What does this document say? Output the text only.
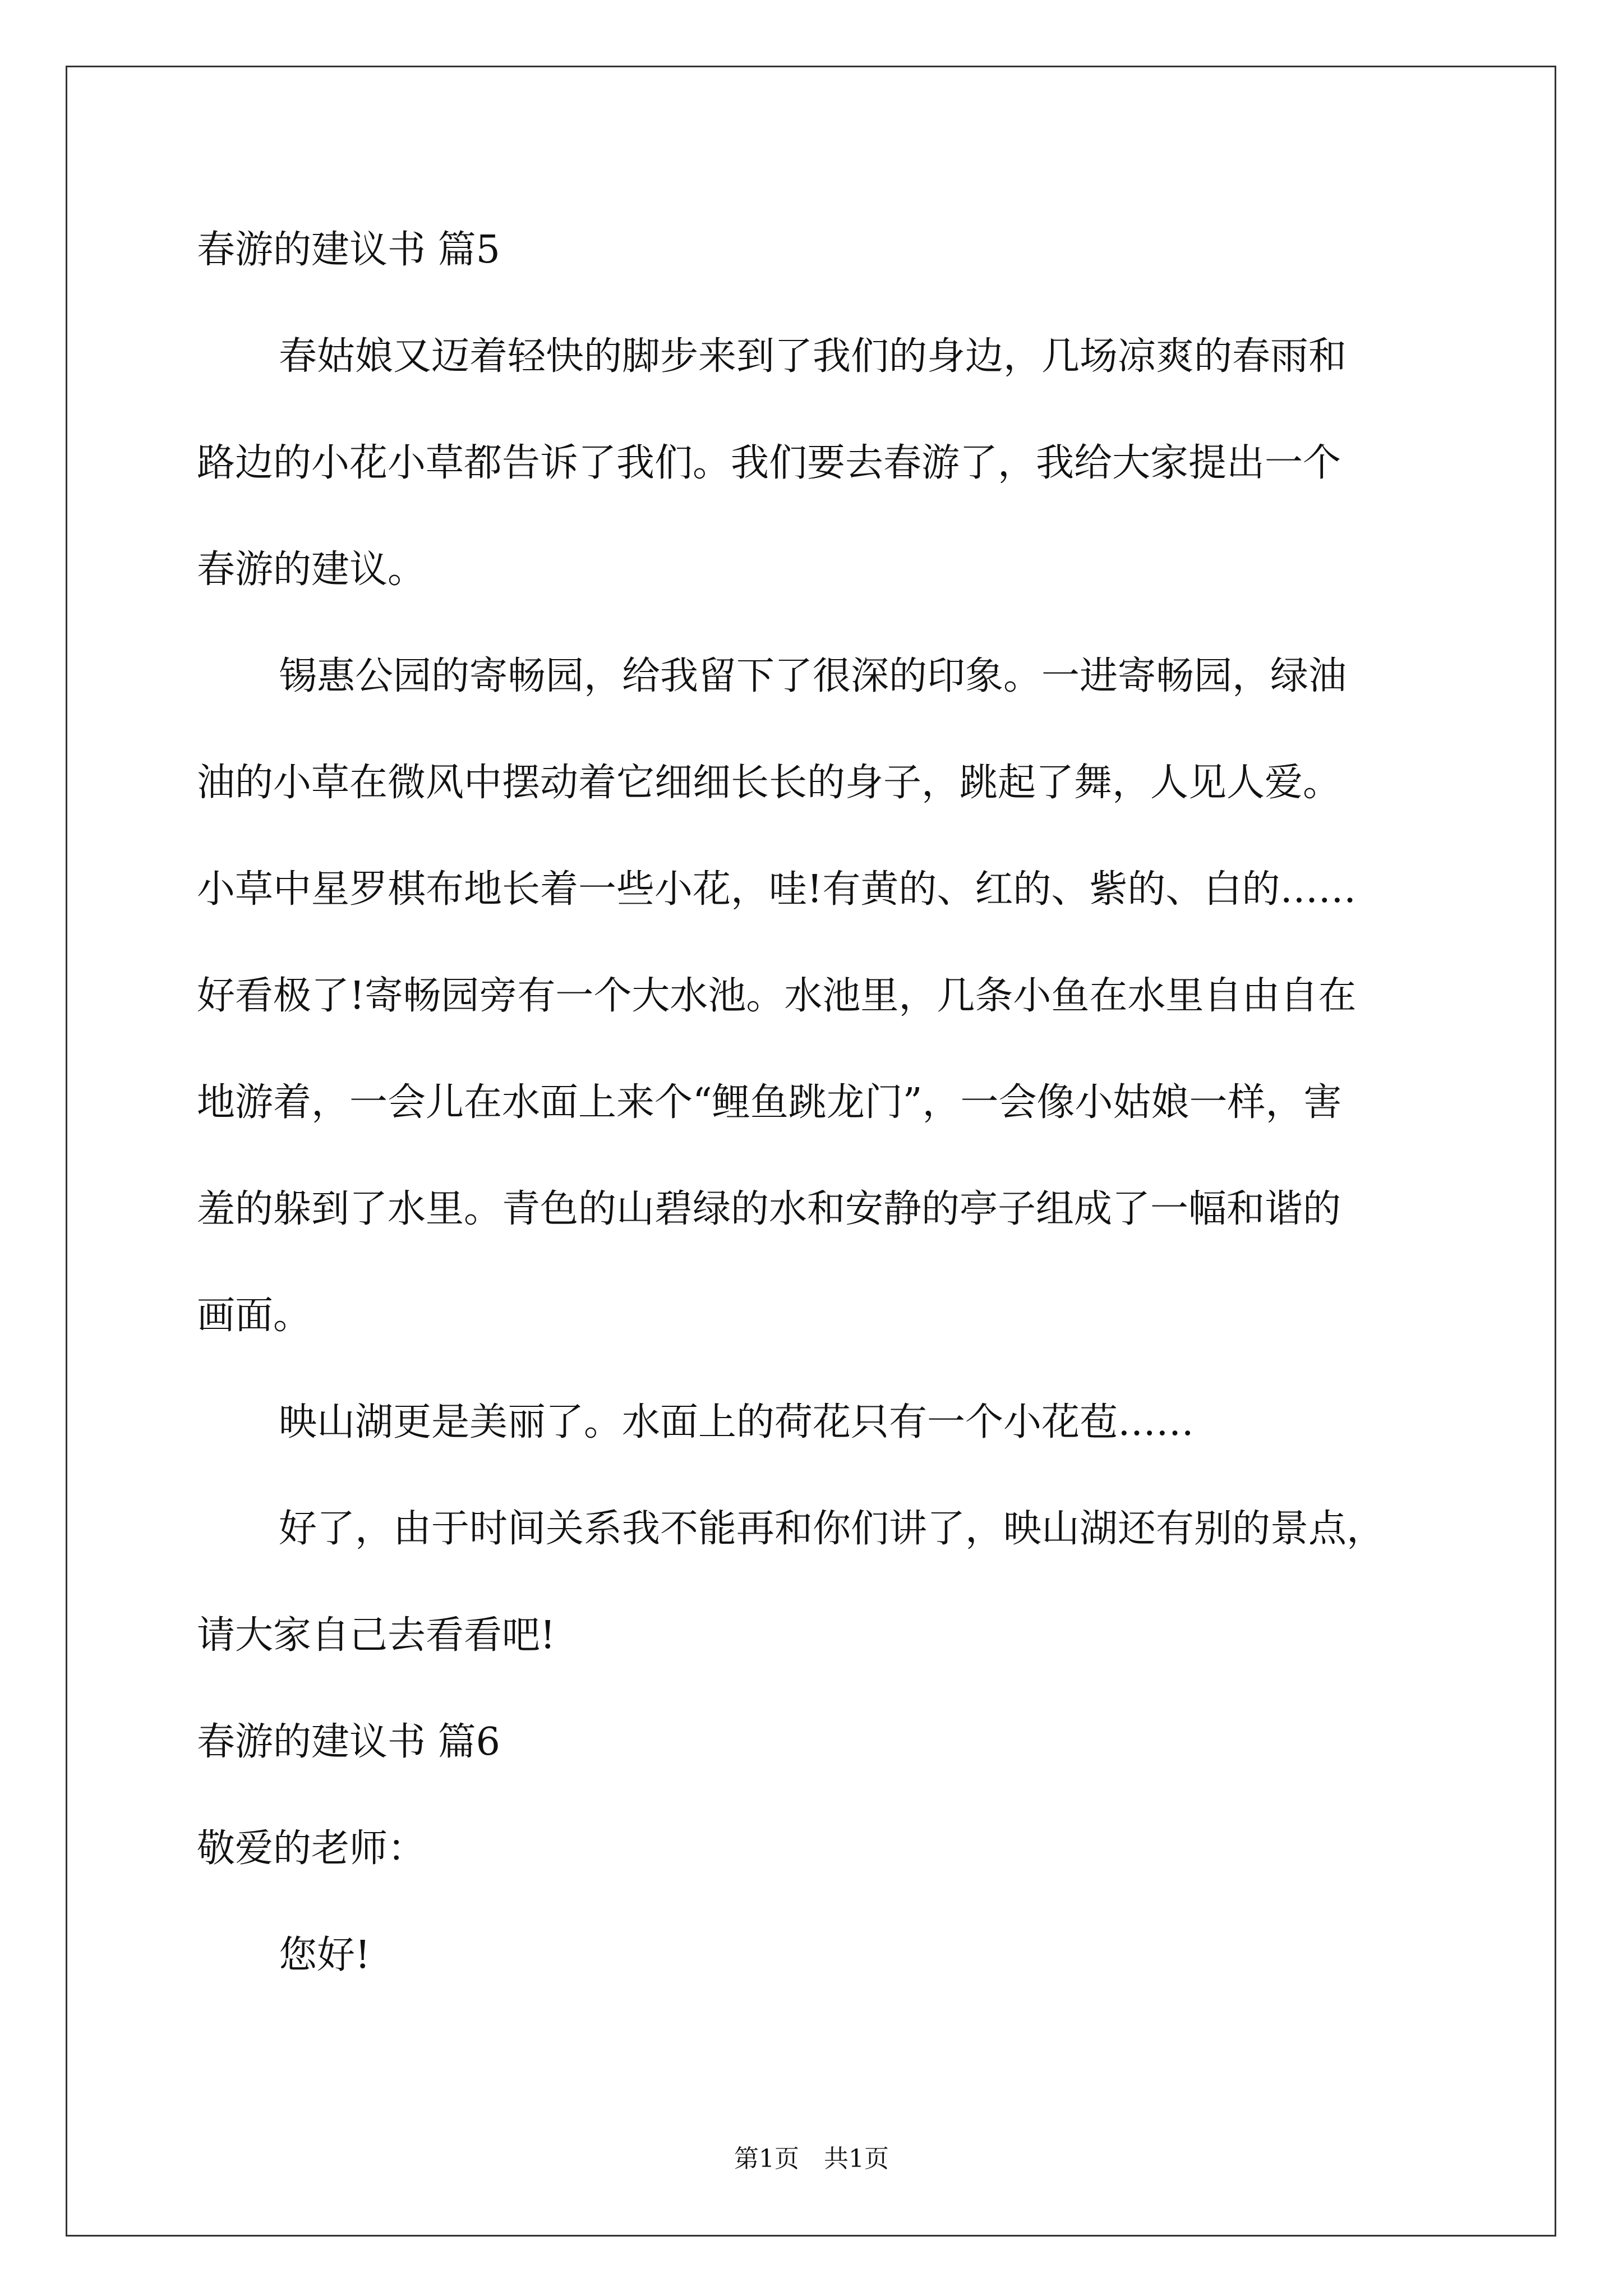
春游的建议书 篇5
春姑娘又迈着轻快的脚步来到了我们的身边，几场凉爽的春雨和
路边的小花小草都告诉了我们。我们要去春游了，我给大家提出一个
春游的建议。
锡惠公园的寄畅园，给我留下了很深的印象。一进寄畅园，绿油
油的小草在微风中摆动着它细细长长的身子，跳起了舞，人见人爱。
小草中星罗棋布地长着一些小花，哇!有黄的、红的、紫的、白的……
好看极了!寄畅园旁有一个大水池。水池里，几条小鱼在水里自由自在
地游着，一会儿在水面上来个“鲤鱼跳龙门”，一会像小姑娘一样，害
羞的躲到了水里。青色的山碧绿的水和安静的亭子组成了一幅和谐的
画面。
映山湖更是美丽了。水面上的荷花只有一个小花苞……
好了，由于时间关系我不能再和你们讲了，映山湖还有别的景点，
请大家自己去看看吧!
春游的建议书 篇6
敬爱的老师：
您好!
第1页　共1页
